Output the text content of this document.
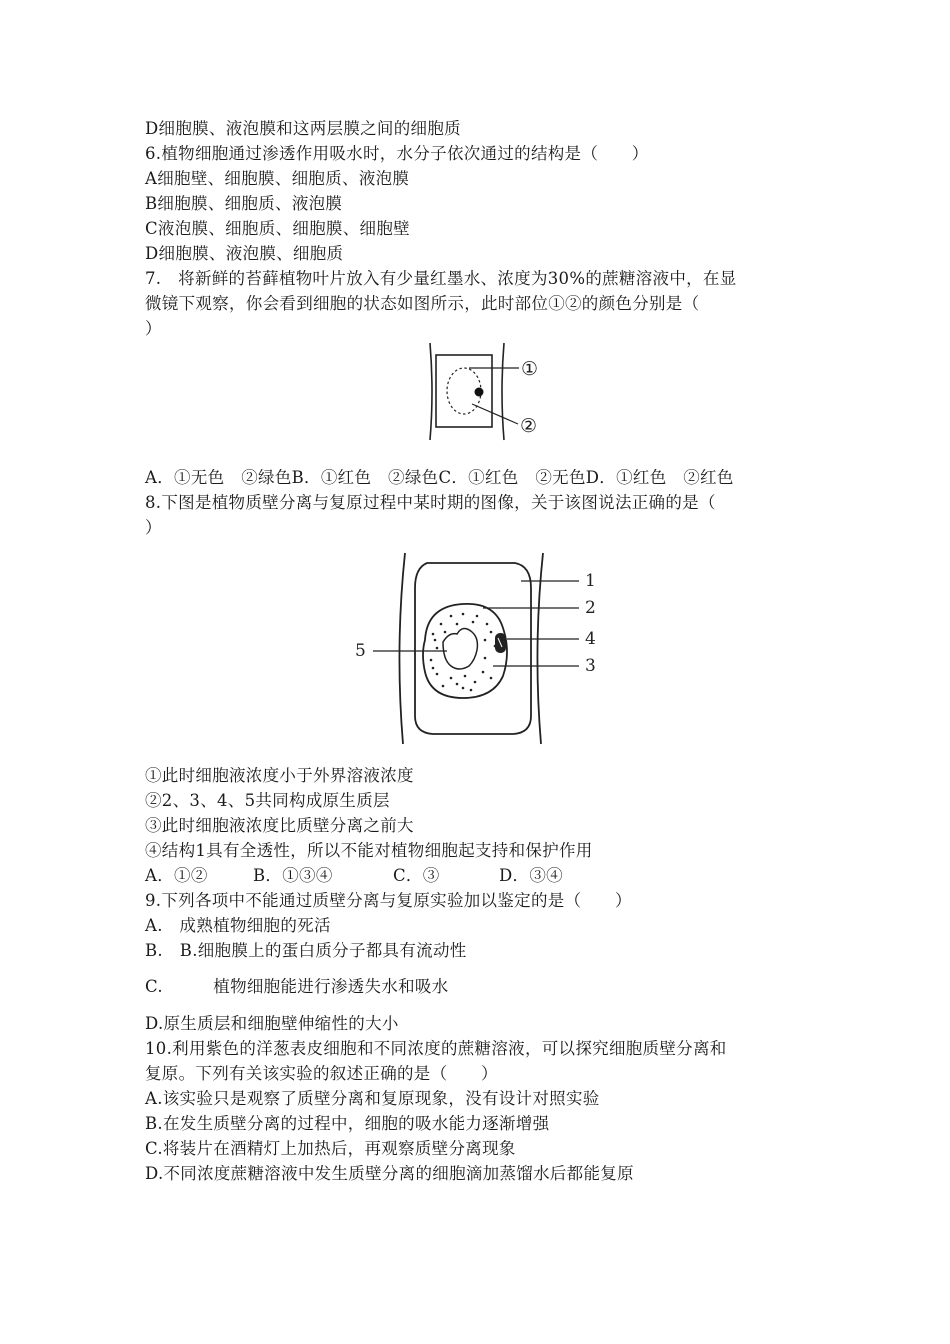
D细胞膜、液泡膜和这两层膜之间的细胞质
6.植物细胞通过渗透作用吸水时，水分子依次通过的结构是（　　）
A细胞壁、细胞膜、细胞质、液泡膜
B细胞膜、细胞质、液泡膜
C液泡膜、细胞质、细胞膜、细胞壁
D细胞膜、液泡膜、细胞质
7.　将新鲜的苔藓植物叶片放入有少量红墨水、浓度为30%的蔗糖溶液中，在显
微镜下观察，你会看到细胞的状态如图所示，此时部位①②的颜色分别是（
）
①
②
A．①无色　②绿色B．①红色　②绿色C．①红色　②无色D．①红色　②红色
8.下图是植物质壁分离与复原过程中某时期的图像，关于该图说法正确的是（
）
1
2
4
3
5
①此时细胞液浓度小于外界溶液浓度
②2、3、4、5共同构成原生质层
③此时细胞液浓度比质壁分离之前大
④结构1具有全透性，所以不能对植物细胞起支持和保护作用
A．①②	B．①③④	C．③	D．③④
9.下列各项中不能通过质壁分离与复原实验加以鉴定的是（　　）
A.　成熟植物细胞的死活
B.　B.细胞膜上的蛋白质分子都具有流动性
C.　　　植物细胞能进行渗透失水和吸水
D.原生质层和细胞壁伸缩性的大小
10.利用紫色的洋葱表皮细胞和不同浓度的蔗糖溶液，可以探究细胞质壁分离和
复原。下列有关该实验的叙述正确的是（　　）
A.该实验只是观察了质壁分离和复原现象，没有设计对照实验
B.在发生质壁分离的过程中，细胞的吸水能力逐渐增强
C.将装片在酒精灯上加热后，再观察质壁分离现象
D.不同浓度蔗糖溶液中发生质壁分离的细胞滴加蒸馏水后都能复原
